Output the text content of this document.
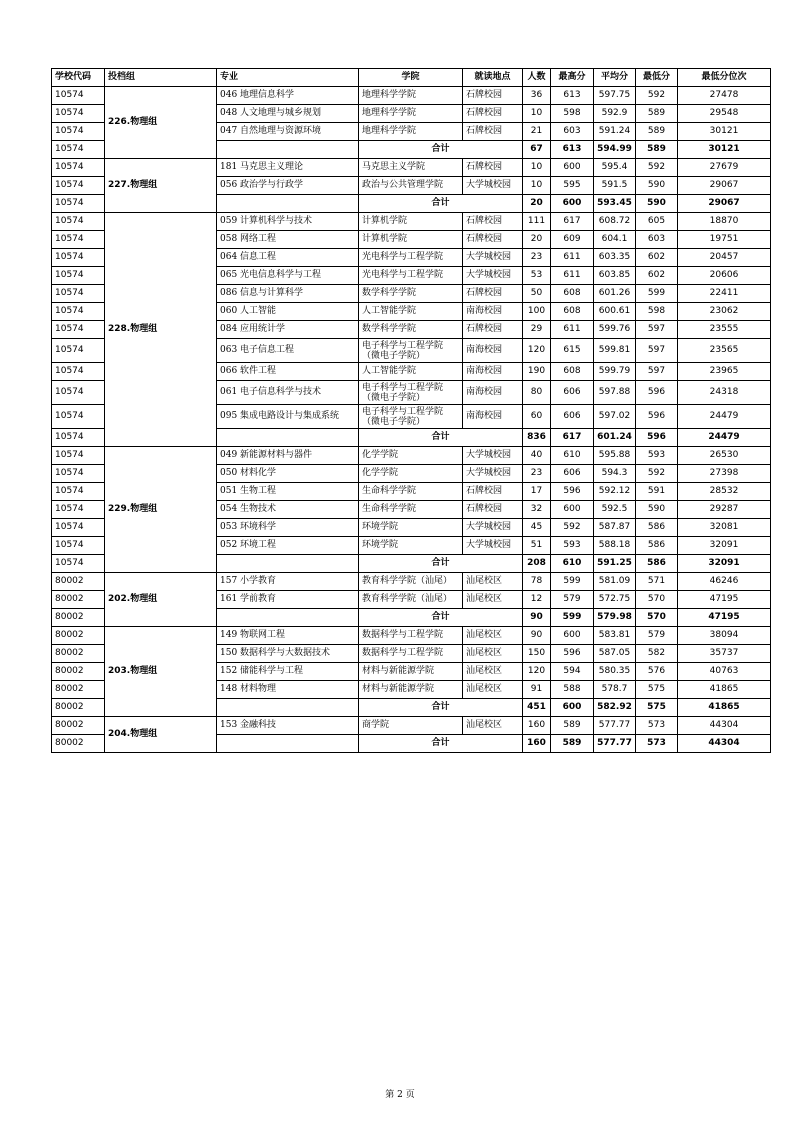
学校代码	投档组	专业	学院	就读地点	人数	最高分	平均分	最低分	最低分位次
10574	226.物理组	046 地理信息科学	地理科学学院	石牌校园	36	613	597.75	592	27478
10574		048 人文地理与城乡规划	地理科学学院	石牌校园	10	598	592.9	589	29548
10574		047 自然地理与资源环境	地理科学学院	石牌校园	21	603	591.24	589	30121
10574			合计		67	613	594.99	589	30121
10574	227.物理组	181 马克思主义理论	马克思主义学院	石牌校园	10	600	595.4	592	27679
10574		056 政治学与行政学	政治与公共管理学院	大学城校园	10	595	591.5	590	29067
10574			合计		20	600	593.45	590	29067
10574	228.物理组	059 计算机科学与技术	计算机学院	石牌校园	111	617	608.72	605	18870
10574		058 网络工程	计算机学院	石牌校园	20	609	604.1	603	19751
10574		064 信息工程	光电科学与工程学院	大学城校园	23	611	603.35	602	20457
10574		065 光电信息科学与工程	光电科学与工程学院	大学城校园	53	611	603.85	602	20606
10574		086 信息与计算科学	数学科学学院	石牌校园	50	608	601.26	599	22411
10574		060 人工智能	人工智能学院	南海校园	100	608	600.61	598	23062
10574		084 应用统计学	数学科学学院	石牌校园	29	611	599.76	597	23555
10574		063 电子信息工程	电子科学与工程学院（微电子学院）	南海校园	120	615	599.81	597	23565
10574		066 软件工程	人工智能学院	南海校园	190	608	599.79	597	23965
10574		061 电子信息科学与技术	电子科学与工程学院（微电子学院）	南海校园	80	606	597.88	596	24318
10574		095 集成电路设计与集成系统	电子科学与工程学院（微电子学院）	南海校园	60	606	597.02	596	24479
10574			合计		836	617	601.24	596	24479
10574	229.物理组	049 新能源材料与器件	化学学院	大学城校园	40	610	595.88	593	26530
10574		050 材料化学	化学学院	大学城校园	23	606	594.3	592	27398
10574		051 生物工程	生命科学学院	石牌校园	17	596	592.12	591	28532
10574		054 生物技术	生命科学学院	石牌校园	32	600	592.5	590	29287
10574		053 环境科学	环境学院	大学城校园	45	592	587.87	586	32081
10574		052 环境工程	环境学院	大学城校园	51	593	588.18	586	32091
10574			合计		208	610	591.25	586	32091
80002	202.物理组	157 小学教育	教育科学学院（汕尾）	汕尾校区	78	599	581.09	571	46246
80002		161 学前教育	教育科学学院（汕尾）	汕尾校区	12	579	572.75	570	47195
80002			合计		90	599	579.98	570	47195
80002	203.物理组	149 物联网工程	数据科学与工程学院	汕尾校区	90	600	583.81	579	38094
80002		150 数据科学与大数据技术	数据科学与工程学院	汕尾校区	150	596	587.05	582	35737
80002		152 储能科学与工程	材料与新能源学院	汕尾校区	120	594	580.35	576	40763
80002		148 材料物理	材料与新能源学院	汕尾校区	91	588	578.7	575	41865
80002			合计		451	600	582.92	575	41865
80002	204.物理组	153 金融科技	商学院	汕尾校区	160	589	577.77	573	44304
80002			合计		160	589	577.77	573	44304
第 2 页
